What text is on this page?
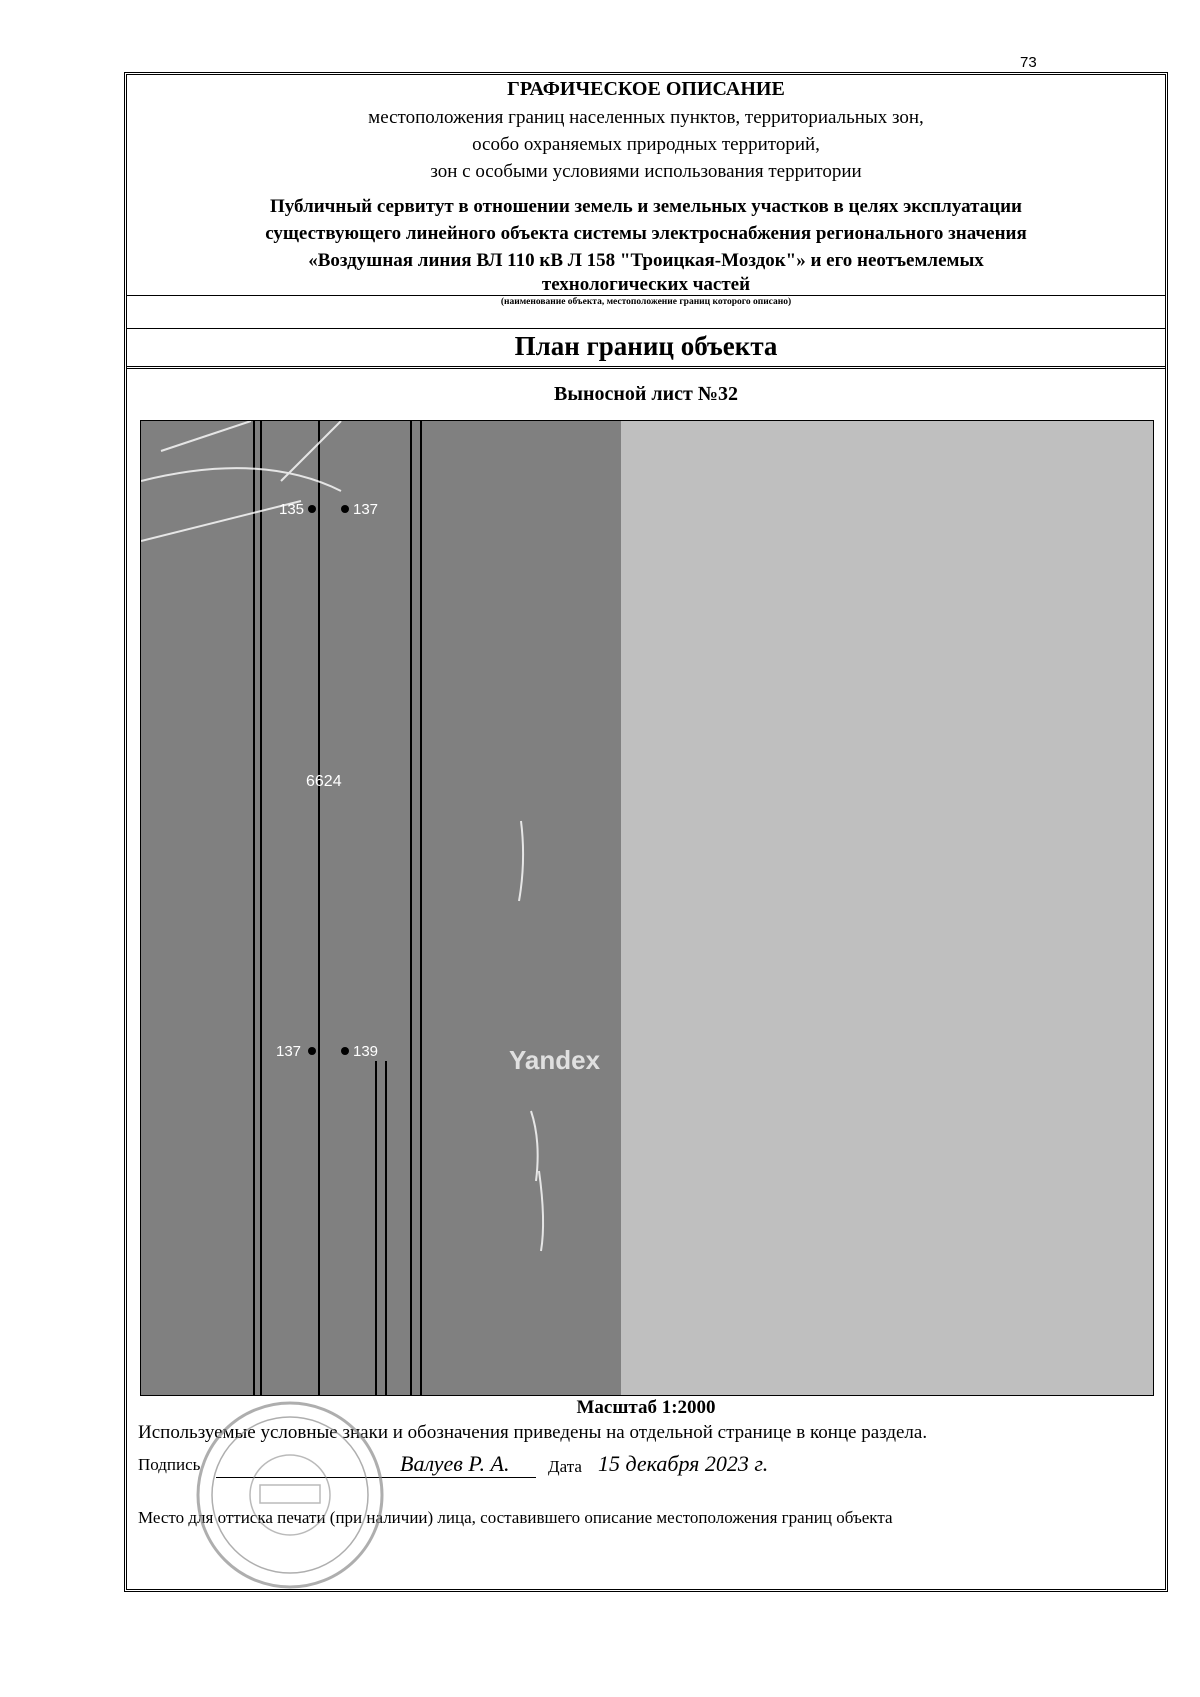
73
ГРАФИЧЕСКОЕ ОПИСАНИЕ
местоположения границ населенных пунктов, территориальных зон,
особо охраняемых природных территорий,
зон с особыми условиями использования территории
Публичный сервитут в отношении земель и земельных участков в целях эксплуатации
существующего линейного объекта системы электроснабжения регионального значения
«Воздушная линия ВЛ 110 кВ Л 158 "Троицкая-Моздок"» и его неотъемлемых
технологических частей
(наименование объекта, местоположение границ которого описано)
План границ объекта
Выносной лист №32
135	137
137	139
6624
Yandex
Масштаб 1:2000
Используемые условные знаки и обозначения приведены на отдельной странице в конце раздела.
Подпись	Валуев Р. А. Дата 15 декабря 2023 г.
Место для оттиска печати (при наличии) лица, составившего описание местоположения границ объекта
